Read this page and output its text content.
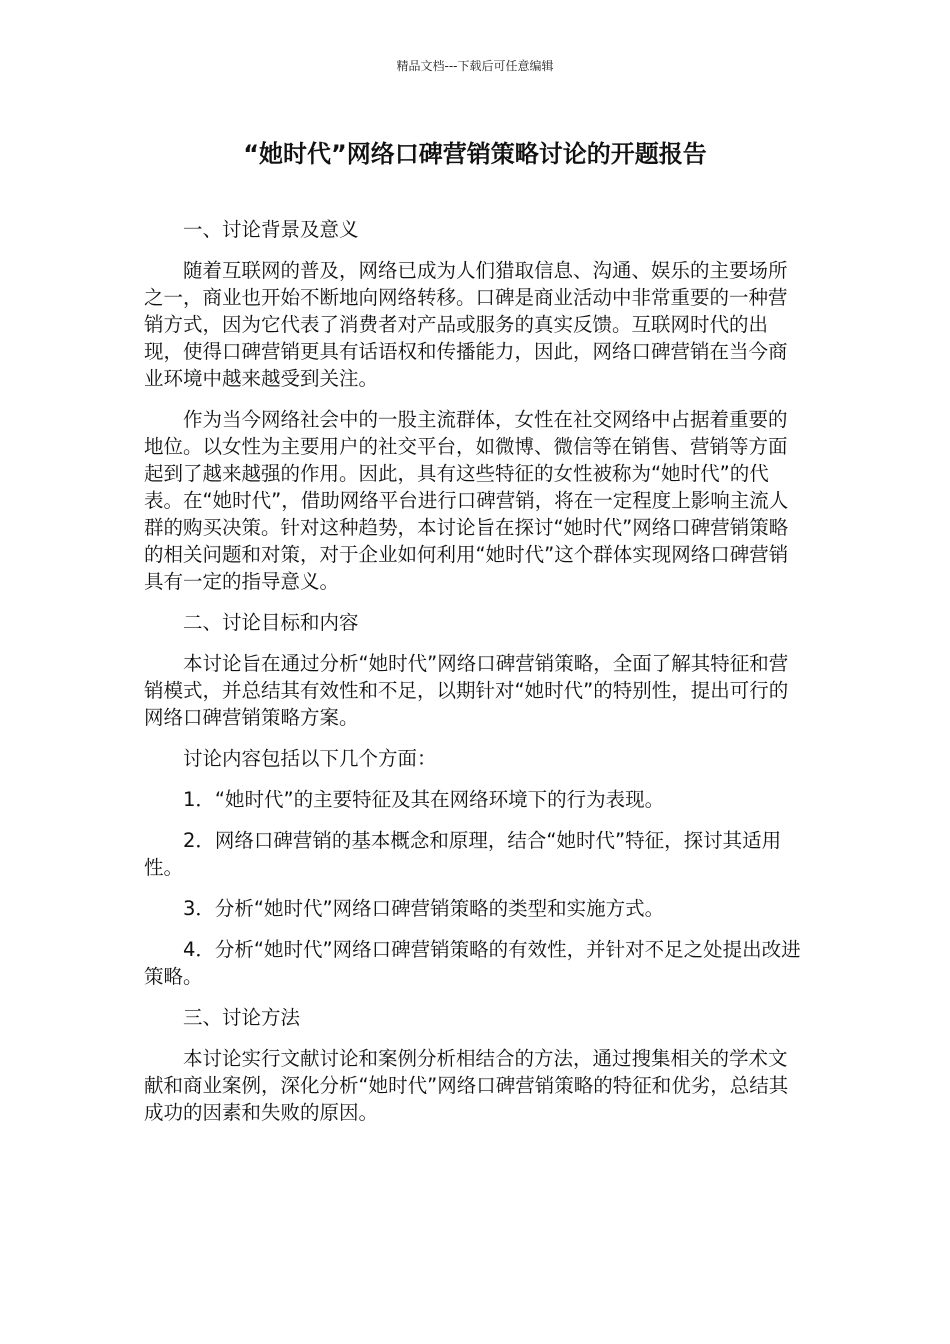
精品文档---下载后可任意编辑
“她时代”网络口碑营销策略讨论的开题报告

一、讨论背景及意义

随着互联网的普及，网络已成为人们猎取信息、沟通、娱乐的主要场所之一，商业也开始不断地向网络转移。口碑是商业活动中非常重要的一种营销方式，因为它代表了消费者对产品或服务的真实反馈。互联网时代的出现，使得口碑营销更具有话语权和传播能力，因此，网络口碑营销在当今商业环境中越来越受到关注。

作为当今网络社会中的一股主流群体，女性在社交网络中占据着重要的地位。以女性为主要用户的社交平台，如微博、微信等在销售、营销等方面起到了越来越强的作用。因此，具有这些特征的女性被称为“她时代”的代表。在“她时代”，借助网络平台进行口碑营销，将在一定程度上影响主流人群的购买决策。针对这种趋势，本讨论旨在探讨“她时代”网络口碑营销策略的相关问题和对策，对于企业如何利用“她时代”这个群体实现网络口碑营销具有一定的指导意义。

二、讨论目标和内容

本讨论旨在通过分析“她时代”网络口碑营销策略，全面了解其特征和营销模式，并总结其有效性和不足，以期针对“她时代”的特别性，提出可行的网络口碑营销策略方案。

讨论内容包括以下几个方面：

1．“她时代”的主要特征及其在网络环境下的行为表现。

2．网络口碑营销的基本概念和原理，结合“她时代”特征，探讨其适用性。

3．分析“她时代”网络口碑营销策略的类型和实施方式。

4．分析“她时代”网络口碑营销策略的有效性，并针对不足之处提出改进策略。

三、讨论方法

本讨论实行文献讨论和案例分析相结合的方法，通过搜集相关的学术文献和商业案例，深化分析“她时代”网络口碑营销策略的特征和优劣，总结其成功的因素和失败的原因。
